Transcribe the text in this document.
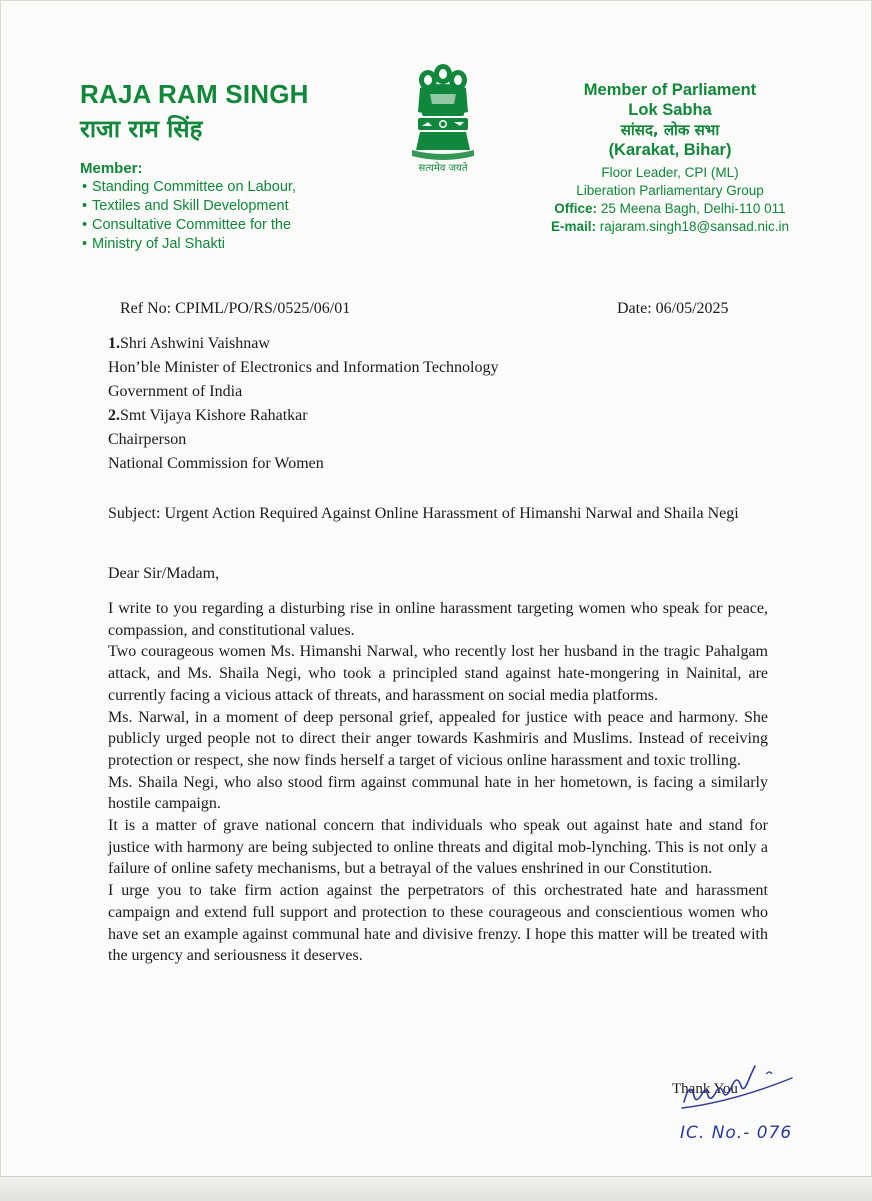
RAJA RAM SINGH
राजा राम सिंह
Member:
• Standing Committee on Labour,
• Textiles and Skill Development
• Consultative Committee for the
• Ministry of Jal Shakti
सत्यमेव जयते
Member of Parliament
Lok Sabha
सांसद, लोक सभा
(Karakat, Bihar)
Floor Leader, CPI (ML)
Liberation Parliamentary Group
Office: 25 Meena Bagh, Delhi-110 011
E-mail: rajaram.singh18@sansad.nic.in
Ref No: CPIML/PO/RS/0525/06/01	Date: 06/05/2025
1.Shri Ashwini Vaishnaw
Hon’ble Minister of Electronics and Information Technology
Government of India
2.Smt Vijaya Kishore Rahatkar
Chairperson
National Commission for Women
Subject: Urgent Action Required Against Online Harassment of Himanshi Narwal and Shaila Negi
Dear Sir/Madam,

I write to you regarding a disturbing rise in online harassment targeting women who speak for peace, compassion, and constitutional values.

Two courageous women Ms. Himanshi Narwal, who recently lost her husband in the tragic Pahalgam attack, and Ms. Shaila Negi, who took a principled stand against hate-mongering in Nainital, are currently facing a vicious attack of threats, and harassment on social media platforms.

Ms. Narwal, in a moment of deep personal grief, appealed for justice with peace and harmony. She publicly urged people not to direct their anger towards Kashmiris and Muslims. Instead of receiving protection or respect, she now finds herself a target of vicious online harassment and toxic trolling.

Ms. Shaila Negi, who also stood firm against communal hate in her hometown, is facing a similarly hostile campaign.

It is a matter of grave national concern that individuals who speak out against hate and stand for justice with harmony are being subjected to online threats and digital mob-lynching. This is not only a failure of online safety mechanisms, but a betrayal of the values enshrined in our Constitution.

I urge you to take firm action against the perpetrators of this orchestrated hate and harassment campaign and extend full support and protection to these courageous and conscientious women who have set an example against communal hate and divisive frenzy. I hope this matter will be treated with the urgency and seriousness it deserves.

Thank You
IC. No.- 076
